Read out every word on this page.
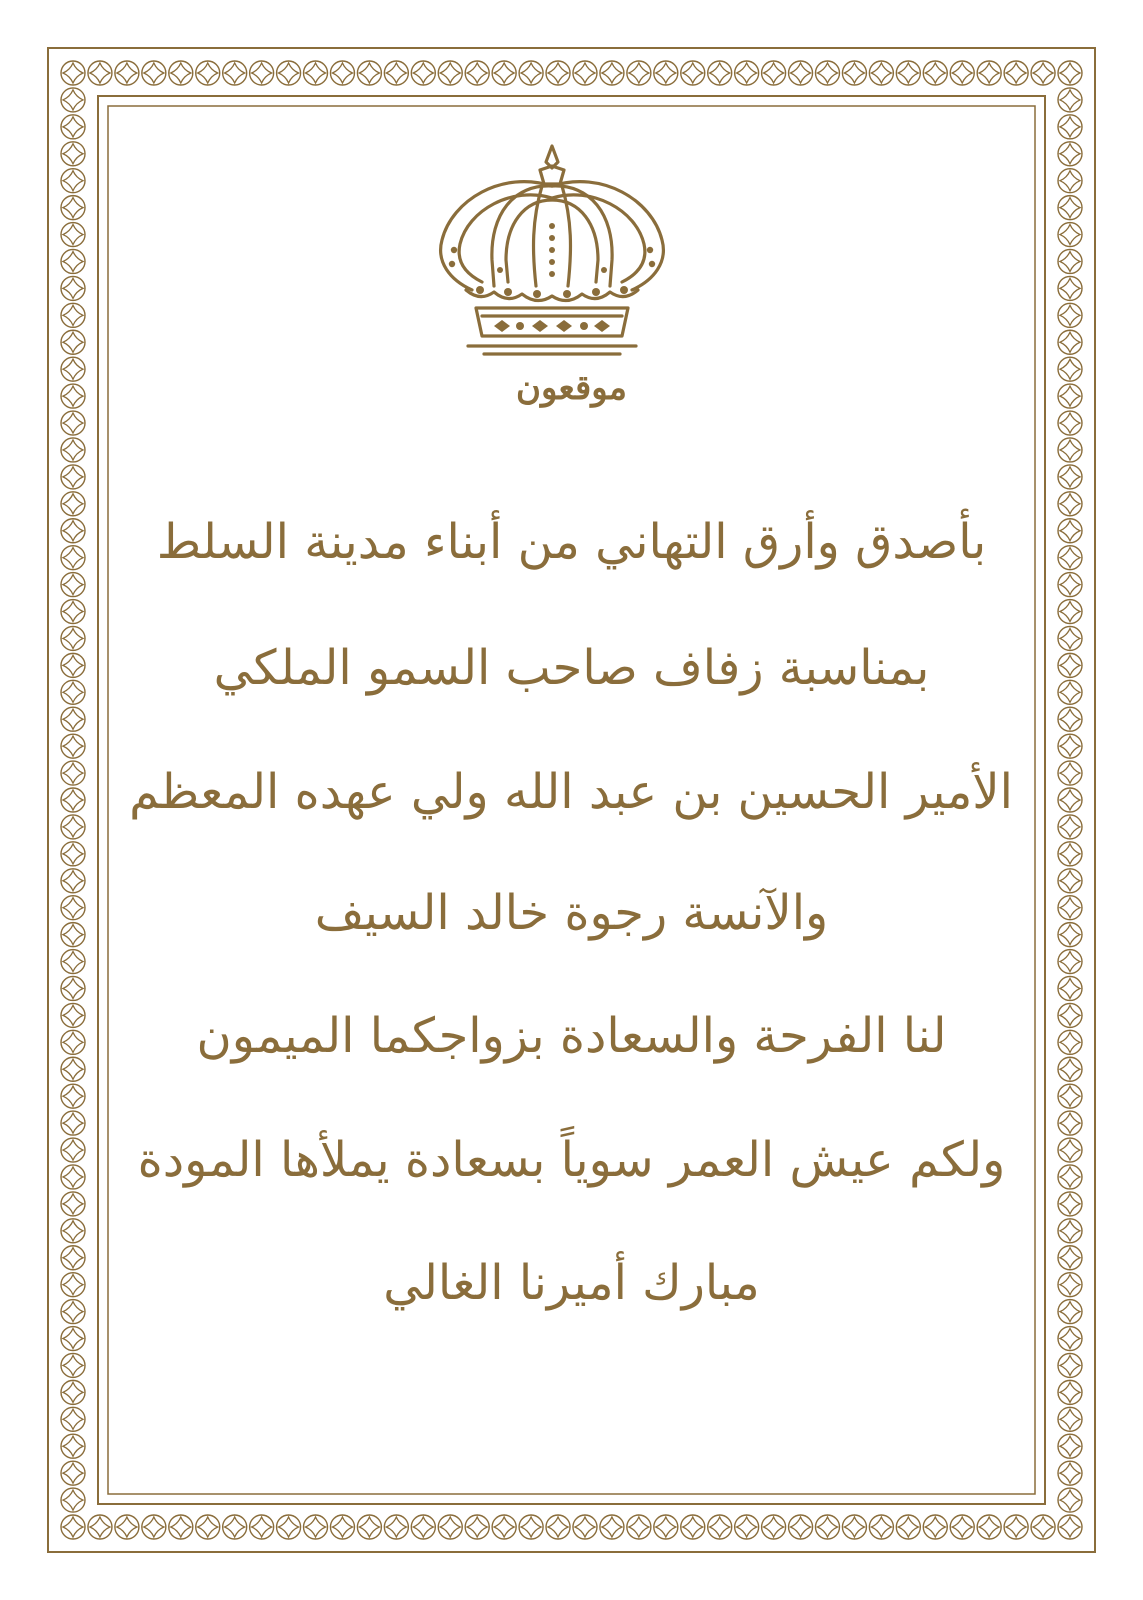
موقعون
بأصدق وأرق التهاني من أبناء مدينة السلط
بمناسبة زفاف صاحب السمو الملكي
الأمير الحسين بن عبد الله ولي عهده المعظم
والآنسة رجوة خالد السيف
لنا الفرحة والسعادة بزواجكما الميمون
ولكم عيش العمر سوياً بسعادة يملأها المودة
مبارك أميرنا الغالي
